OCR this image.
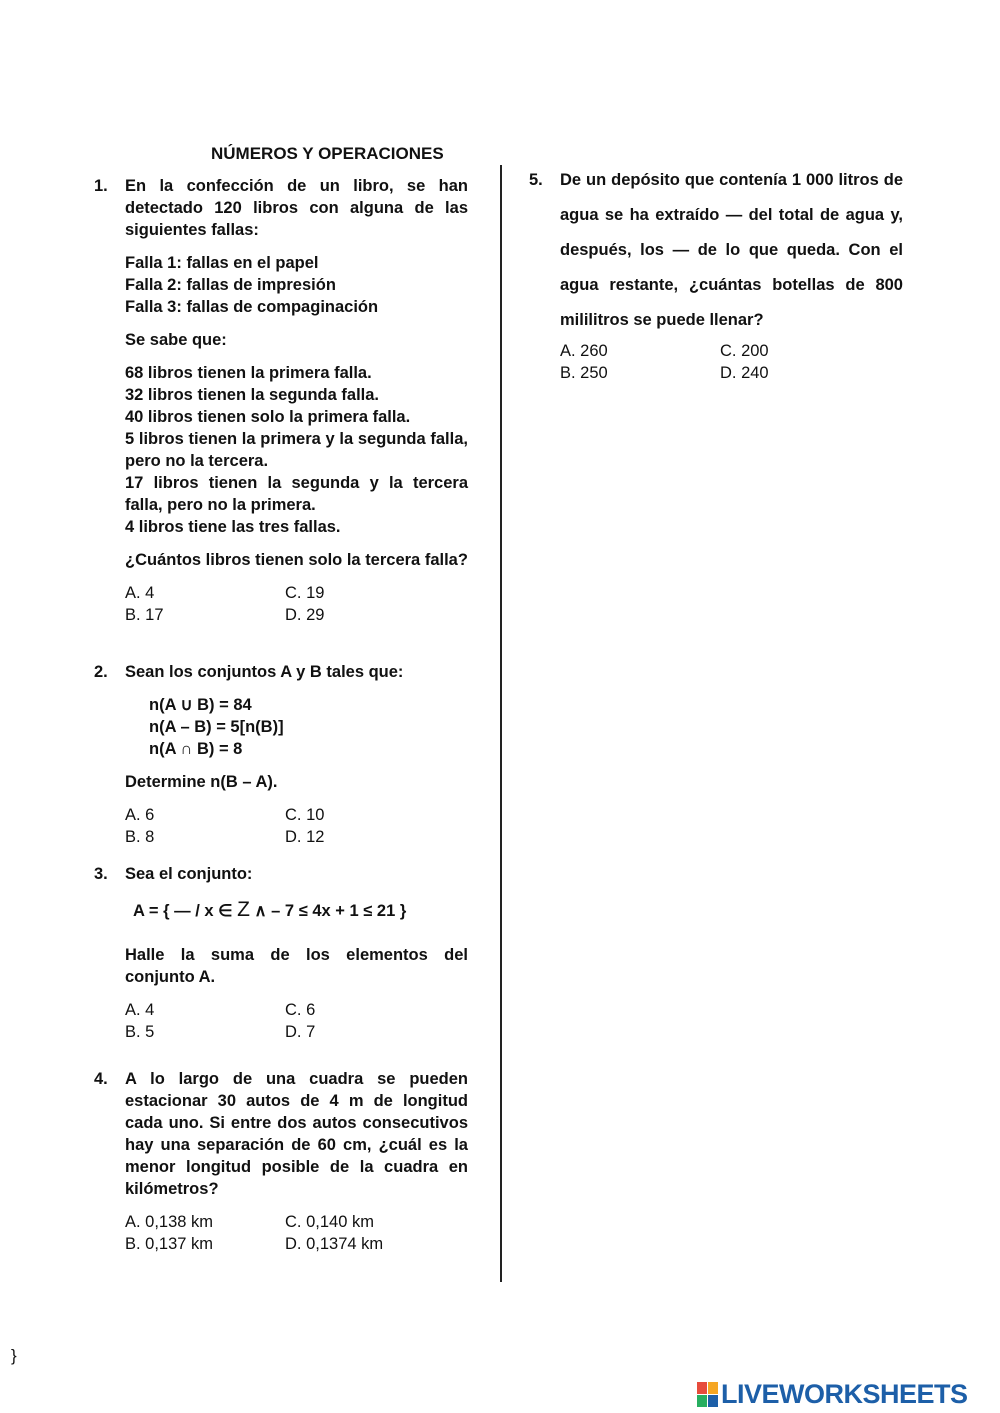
NÚMEROS Y OPERACIONES
1. En la confección de un libro, se han detectado 120 libros con alguna de las siguientes fallas:

Falla 1: fallas en el papel

Falla 2: fallas de impresión

Falla 3: fallas de compaginación

Se sabe que:

68 libros tienen la primera falla.

32 libros tienen la segunda falla.

40 libros tienen solo la primera falla.

5 libros tienen la primera y la segunda falla, pero no la tercera.

17 libros tienen la segunda y la tercera falla, pero no la primera.

4 libros tiene las tres fallas.

¿Cuántos libros tienen solo la tercera falla?

A. 4	C. 19
B. 17	D. 29
2. Sean los conjuntos A y B tales que:

n(A ∪ B) = 84

n(A – B) = 5[n(B)]

n(A ∩ B) = 8

Determine n(B – A).

A. 6	C. 10
B. 8	D. 12
3. Sea el conjunto:

A = { — / x ∈ Z ∧ – 7 ≤ 4x + 1 ≤ 21 }

Halle la suma de los elementos del conjunto A.

A. 4	C. 6
B. 5	D. 7
4. A lo largo de una cuadra se pueden estacionar 30 autos de 4 m de longitud cada uno. Si entre dos autos consecutivos hay una separación de 60 cm, ¿cuál es la menor longitud posible de la cuadra en kilómetros?

A. 0,138 km	C. 0,140 km
B. 0,137 km	D. 0,1374 km
5. De un depósito que contenía 1 000 litros de agua se ha extraído — del total de agua y, después, los — de lo que queda. Con el agua restante, ¿cuántas botellas de 800 mililitros se puede llenar?

A. 260	C. 200
B. 250	D. 240
}
LIVEWORKSHEETS
